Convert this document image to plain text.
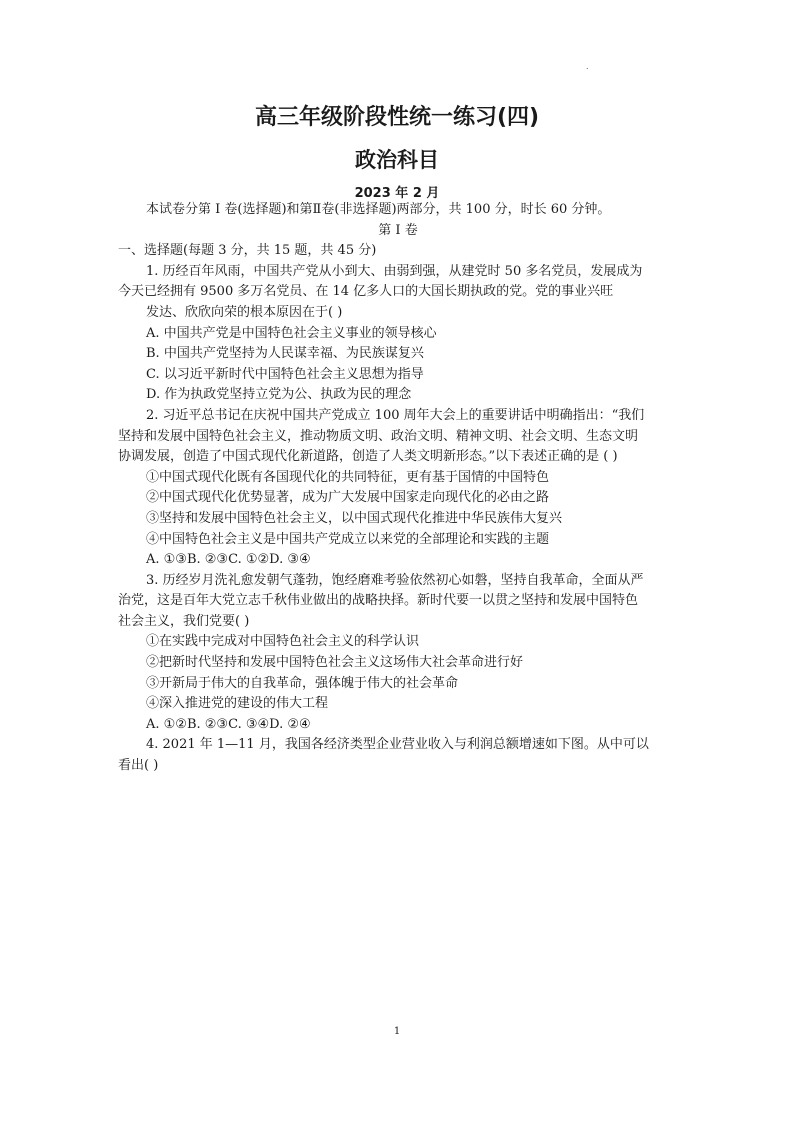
.
高三年级阶段性统一练习(四)
政治科目
2023 年 2 月

本试卷分第 I 卷(选择题)和第Ⅱ卷(非选择题)两部分，共 100 分，时长 60 分钟。

第 I 卷

一、选择题(每题 3 分，共 15 题，共 45 分)

1. 历经百年风雨，中国共产党从小到大、由弱到强，从建党时 50 多名党员，发展成为

今天已经拥有 9500 多万名党员、在 14 亿多人口的大国长期执政的党。党的事业兴旺

发达、欣欣向荣的根本原因在于( )

A. 中国共产党是中国特色社会主义事业的领导核心

B. 中国共产党坚持为人民谋幸福、为民族谋复兴

C. 以习近平新时代中国特色社会主义思想为指导

D. 作为执政党坚持立党为公、执政为民的理念

2. 习近平总书记在庆祝中国共产党成立 100 周年大会上的重要讲话中明确指出：“我们

坚持和发展中国特色社会主义，推动物质文明、政治文明、精神文明、社会文明、生态文明

协调发展，创造了中国式现代化新道路，创造了人类文明新形态。”以下表述正确的是 ( )

①中国式现代化既有各国现代化的共同特征，更有基于国情的中国特色

②中国式现代化优势显著，成为广大发展中国家走向现代化的必由之路

③坚持和发展中国特色社会主义，以中国式现代化推进中华民族伟大复兴

④中国特色社会主义是中国共产党成立以来党的全部理论和实践的主题

A. ①③B. ②③C. ①②D. ③④

3. 历经岁月洗礼愈发朝气蓬勃，饱经磨难考验依然初心如磐，坚持自我革命，全面从严

治党，这是百年大党立志千秋伟业做出的战略抉择。新时代要一以贯之坚持和发展中国特色

社会主义，我们党要( )

①在实践中完成对中国特色社会主义的科学认识

②把新时代坚持和发展中国特色社会主义这场伟大社会革命进行好

③开新局于伟大的自我革命，强体魄于伟大的社会革命

④深入推进党的建设的伟大工程

A. ①②B. ②③C. ③④D. ②④

4. 2021 年 1—11 月，我国各经济类型企业营业收入与利润总额增速如下图。从中可以

看出( )

1
